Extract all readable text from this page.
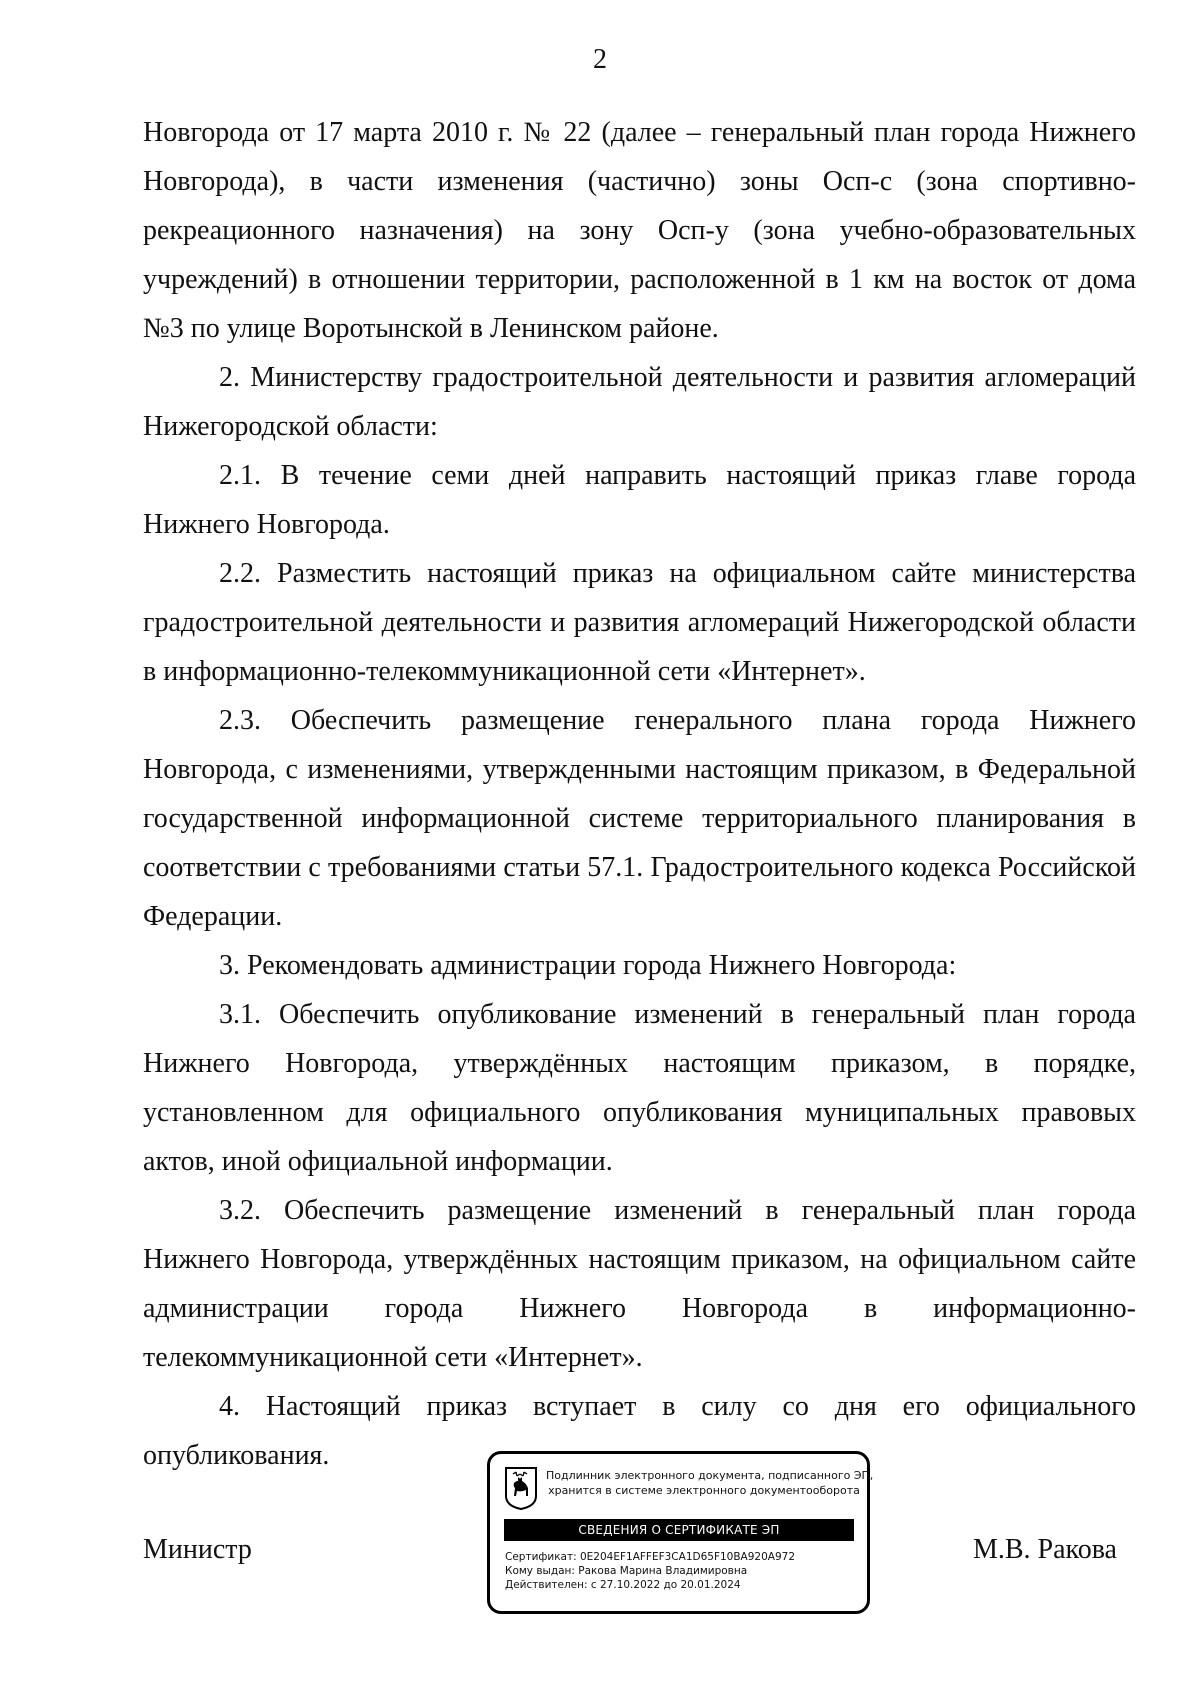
2

Новгорода от 17 марта 2010 г. № 22 (далее – генеральный план города Нижнего Новгорода), в части изменения (частично) зоны Осп-с (зона спортивно-рекреационного назначения) на зону Осп-у (зона учебно-образовательных учреждений) в отношении территории, расположенной в 1 км на восток от дома №3 по улице Воротынской в Ленинском районе.

2. Министерству градостроительной деятельности и развития агломераций Нижегородской области:

2.1. В течение семи дней направить настоящий приказ главе города Нижнего Новгорода.

2.2. Разместить настоящий приказ на официальном сайте министерства градостроительной деятельности и развития агломераций Нижегородской области в информационно-телекоммуникационной сети «Интернет».

2.3. Обеспечить размещение генерального плана города Нижнего Новгорода, с изменениями, утвержденными настоящим приказом, в Федеральной государственной информационной системе территориального планирования в соответствии с требованиями статьи 57.1. Градостроительного кодекса Российской Федерации.

3. Рекомендовать администрации города Нижнего Новгорода:

3.1. Обеспечить опубликование изменений в генеральный план города Нижнего Новгорода, утверждённых настоящим приказом, в порядке, установленном для официального опубликования муниципальных правовых актов, иной официальной информации.

3.2. Обеспечить размещение изменений в генеральный план города Нижнего Новгорода, утверждённых настоящим приказом, на официальном сайте администрации города Нижнего Новгорода в информационно-телекоммуникационной сети «Интернет».

4. Настоящий приказ вступает в силу со дня его официального опубликования.

Министр	М.В. Ракова
Подлинник электронного документа, подписанного ЭП,
хранится в системе электронного документооборота
СВЕДЕНИЯ О СЕРТИФИКАТЕ ЭП
Сертификат: 0E204EF1AFFEF3CA1D65F10BA920A972
Кому выдан: Ракова Марина Владимировна
Действителен: с 27.10.2022 до 20.01.2024
